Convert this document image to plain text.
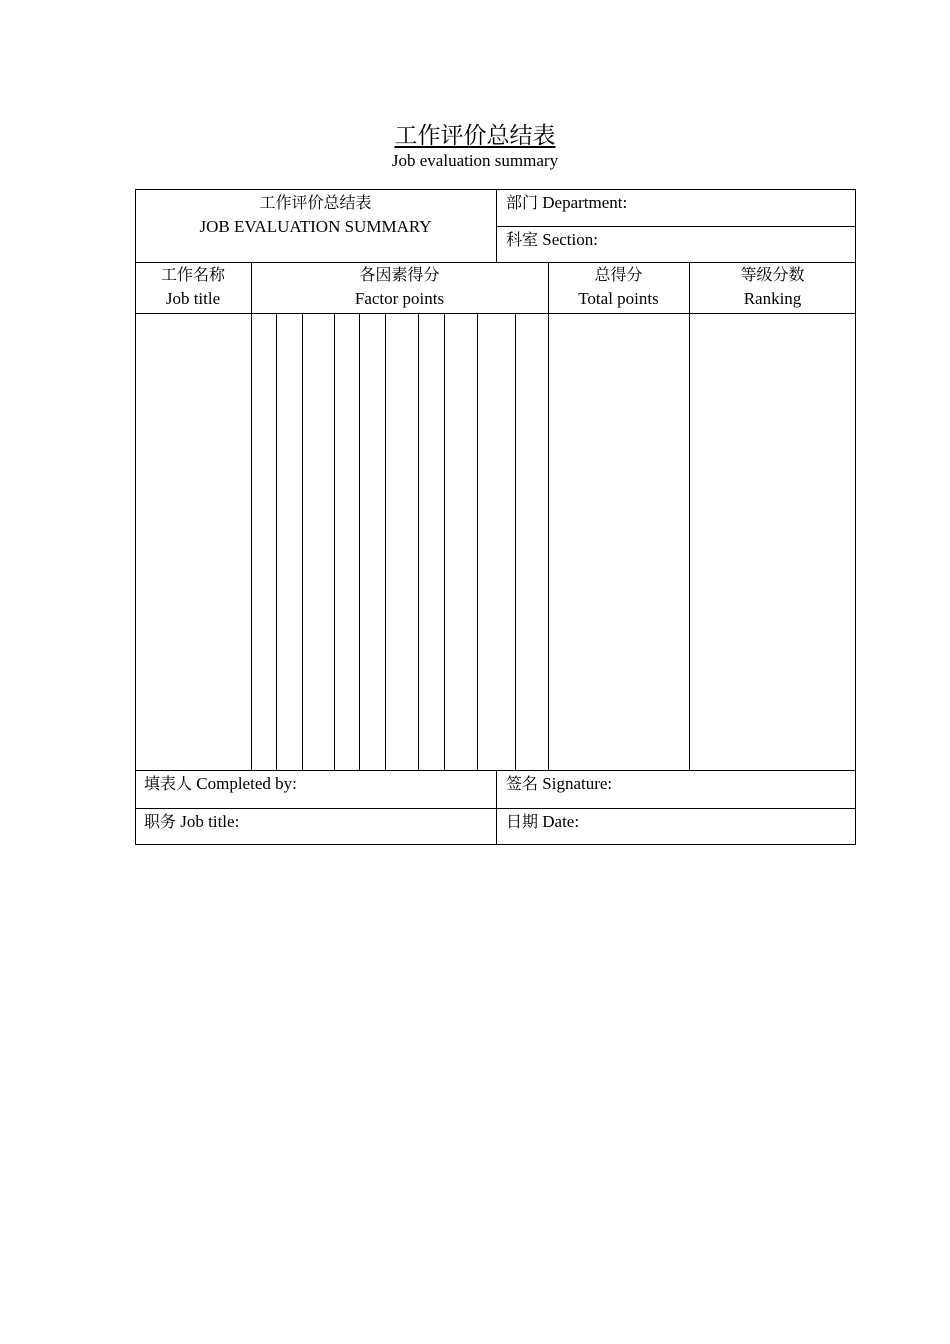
工作评价总结表
Job evaluation summary
工作评价总结表
JOB EVALUATION SUMMARY
部门 Department:
科室 Section:
工作名称
Job title
各因素得分
Factor points
总得分
Total points
等级分数
Ranking
填表人 Completed by:	签名 Signature:
职务 Job title:	日期 Date:
